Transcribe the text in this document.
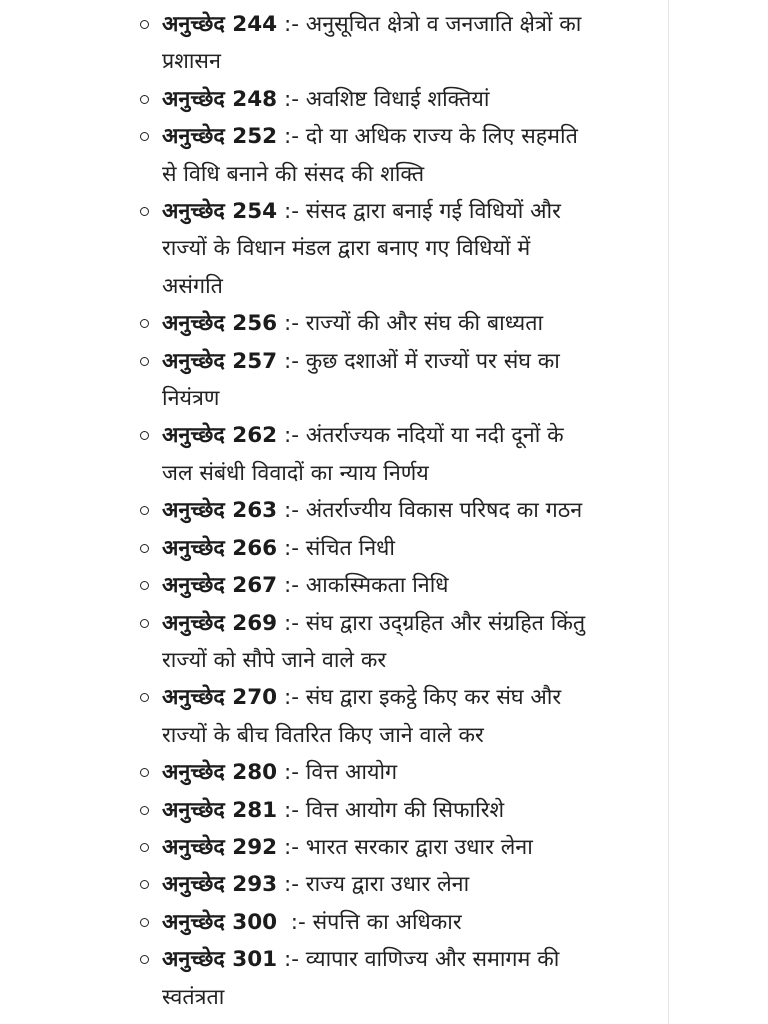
अनुच्छेद 244 :- अनुसूचित क्षेत्रो व जनजाति क्षेत्रों का
प्रशासन
अनुच्छेद 248 :- अवशिष्ट विधाई शक्तियां
अनुच्छेद 252 :- दो या अधिक राज्य के लिए सहमति
से विधि बनाने की संसद की शक्ति
अनुच्छेद 254 :- संसद द्वारा बनाई गई विधियों और
राज्यों के विधान मंडल द्वारा बनाए गए विधियों में
असंगति
अनुच्छेद 256 :- राज्यों की और संघ की बाध्यता
अनुच्छेद 257 :- कुछ दशाओं में राज्यों पर संघ का
नियंत्रण
अनुच्छेद 262 :- अंतर्राज्यक नदियों या नदी दूनों के
जल संबंधी विवादों का न्याय निर्णय
अनुच्छेद 263 :- अंतर्राज्यीय विकास परिषद का गठन
अनुच्छेद 266 :- संचित निधी
अनुच्छेद 267 :- आकस्मिकता निधि
अनुच्छेद 269 :- संघ द्वारा उद्ग्रहित और संग्रहित किंतु
राज्यों को सौपे जाने वाले कर
अनुच्छेद 270 :- संघ द्वारा इकट्ठे किए कर संघ और
राज्यों के बीच वितरित किए जाने वाले कर
अनुच्छेद 280 :- वित्त आयोग
अनुच्छेद 281 :- वित्त आयोग की सिफारिशे
अनुच्छेद 292 :- भारत सरकार द्वारा उधार लेना
अनुच्छेद 293 :- राज्य द्वारा उधार लेना
अनुच्छेद 300  :- संपत्ति का अधिकार
अनुच्छेद 301 :- व्यापार वाणिज्य और समागम की
स्वतंत्रता
